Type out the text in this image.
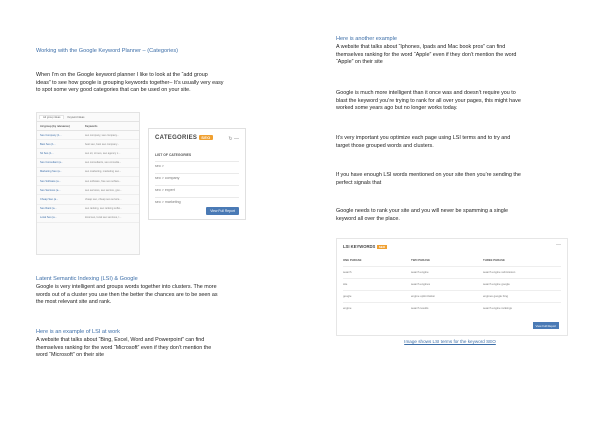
Working with the Google Keyword Planner – (Categories)
When I’m on the Google keyword planner I like to look at the “add group
ideas” to see how google is grouping keywords together– It’s usually very easy
to spot some very good categories that can be used on your site.
Ad group ideas	Keyword ideas
Ad group (by relevance)	Keywords
Seo Company (1...	seo company, seo company...
Best Seo (1...	best seo, best seo company...
Sit Seo (1...	seo sit, sit seo, seo agency c...
Seo Consultant (a...	seo consultants, seo consulta...
Marketing Seo (a...	seo marketing, marketing seo...
Seo Software (a...	seo software, free seo softwa...
Seo Services (a...	seo services, seo service, goo...
Cheap Seo (a...	cheap seo, cheap seo service...
Seo Rank (a...	seo ranking, seo ranking softw...
Local Seo (a...	local seo, local seo services, l...
CATEGORIES SEO	↻ —
LIST OF CATEGORIES
seo >
seo > company
seo > expert
seo > marketing
View Full Report
Latent Semantic Indexing (LSI) & Google
Google is very intelligent and groups words together into clusters. The more
words out of a cluster you use then the better the chances are to be seen as
the most relevant site and rank.
Here is an example of LSI at work
A website that talks about “Bing, Excel, Word and Powerpoint” can find
themselves ranking for the word “Microsoft” even if they don’t mention the
word “Microsoft” on their site
Here is another example
A website that talks about “Iphones, Ipads and Mac book pros” can find
themselves ranking for the word “Apple” even if they don’t mention the word
“Apple” on their site
Google is much more intelligent than it once was and doesn’t require you to
blast the keyword you’re trying to rank for all over your pages, this might have
worked some years ago but no longer works today.
It’s very important you optimize each page using LSI terms and to try and
target those grouped words and clusters.
If you have enough LSI words mentioned on your site then you’re sending the
perfect signals that
Google needs to rank your site and you will never be spamming a single
keyword all over the place.
LSI KEYWORDS SEO	—
ONE PHRASE	TWO PHRASE	THREE PHRASE
search	search engine	search engine submission
site	search engines	search engine google
google	engine optimization	engines google bing
engine	search results	search engine rankings
View Full Report
Image shows LSI terms for the keyword SEO
